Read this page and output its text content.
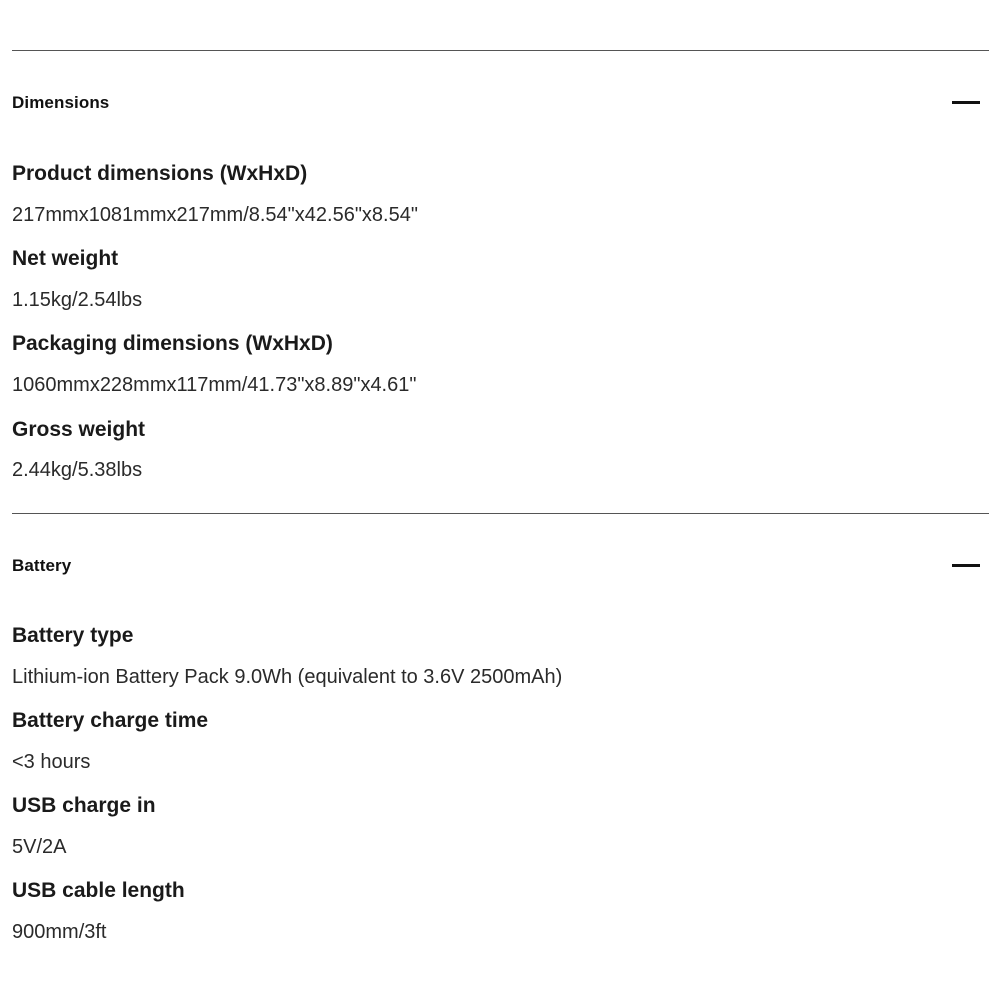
Dimensions
Product dimensions (WxHxD)
217mmx1081mmx217mm/8.54"x42.56"x8.54"
Net weight
1.15kg/2.54lbs
Packaging dimensions (WxHxD)
1060mmx228mmx117mm/41.73"x8.89"x4.61"
Gross weight
2.44kg/5.38lbs
Battery
Battery type
Lithium-ion Battery Pack 9.0Wh (equivalent to 3.6V 2500mAh)
Battery charge time
<3 hours
USB charge in
5V/2A
USB cable length
900mm/3ft
